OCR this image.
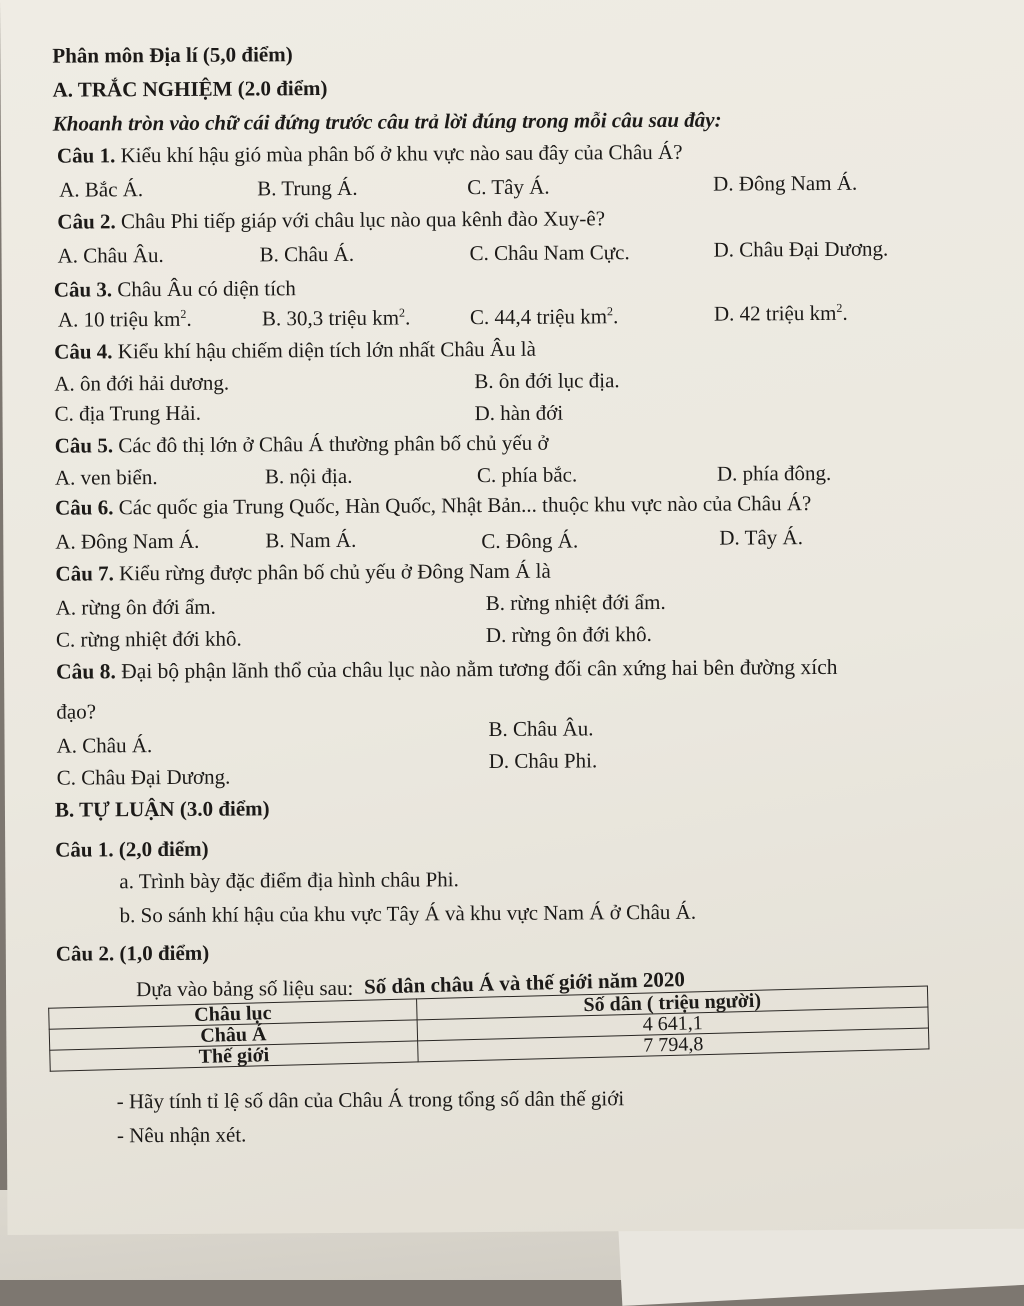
Phân môn Địa lí (5,0 điểm)
A. TRẮC NGHIỆM (2.0 điểm)
Khoanh tròn vào chữ cái đứng trước câu trả lời đúng trong mỗi câu sau đây:
Câu 1. Kiểu khí hậu gió mùa phân bố ở khu vực nào sau đây của Châu Á?
A. Bắc Á.	B. Trung Á.	C. Tây Á.	D. Đông Nam Á.
Câu 2. Châu Phi tiếp giáp với châu lục nào qua kênh đào Xuy-ê?
A. Châu Âu.	B. Châu Á.	C. Châu Nam Cực.	D. Châu Đại Dương.
Câu 3. Châu Âu có diện tích
A. 10 triệu $km^2$.	B. 30,3 triệu $km^2$.	C. 44,4 triệu $km^2$.	D. 42 triệu $km^2$.
Câu 4. Kiểu khí hậu chiếm diện tích lớn nhất Châu Âu là
A. ôn đới hải dương.	B. ôn đới lục địa.
C. địa Trung Hải.	D. hàn đới
Câu 5. Các đô thị lớn ở Châu Á thường phân bố chủ yếu ở
A. ven biển.	B. nội địa.	C. phía bắc.	D. phía đông.
Câu 6. Các quốc gia Trung Quốc, Hàn Quốc, Nhật Bản... thuộc khu vực nào của Châu Á?
A. Đông Nam Á.	B. Nam Á.	C. Đông Á.	D. Tây Á.
Câu 7. Kiểu rừng được phân bố chủ yếu ở Đông Nam Á là
A. rừng ôn đới ẩm.	B. rừng nhiệt đới ẩm.
C. rừng nhiệt đới khô.	D. rừng ôn đới khô.
Câu 8. Đại bộ phận lãnh thổ của châu lục nào nằm tương đối cân xứng hai bên đường xích
đạo?
A. Châu Á.
B. Châu Âu.
C. Châu Đại Dương.
D. Châu Phi.
B. TỰ LUẬN (3.0 điểm)
Câu 1. (2,0 điểm)
a. Trình bày đặc điểm địa hình châu Phi.
b. So sánh khí hậu của khu vực Tây Á và khu vực Nam Á ở Châu Á.
Câu 2. (1,0 điểm)
Dựa vào bảng số liệu sau: Số dân châu Á và thế giới năm 2020
Châu lục	Số dân ( triệu người)
Châu Á	4 641,1
Thế giới	7 794,8
- Hãy tính tỉ lệ số dân của Châu Á trong tổng số dân thế giới
- Nêu nhận xét.
